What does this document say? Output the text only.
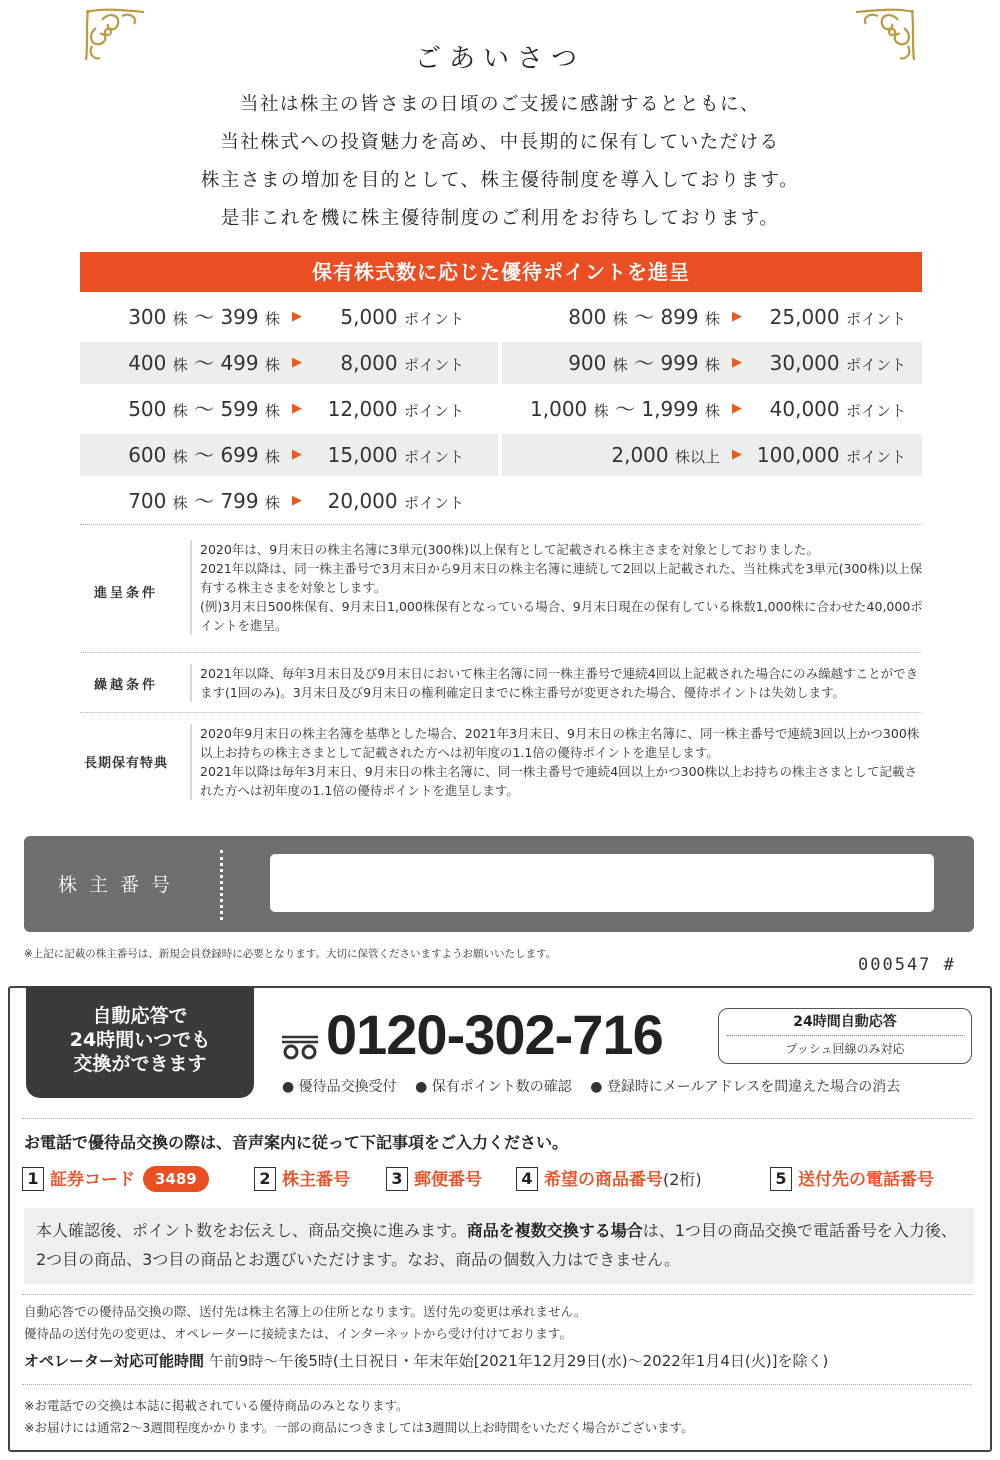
ごあいさつ
当社は株主の皆さまの日頃のご支援に感謝するとともに、
当社株式への投資魅力を高め、中長期的に保有していただける
株主さまの増加を目的として、株主優待制度を導入しております。
是非これを機に株主優待制度のご利用をお待ちしております。
保有株式数に応じた優待ポイントを進呈
300 株 〜 399 株 ▶	5,000 ポイント	800 株 〜 899 株 ▶	25,000 ポイント
400 株 〜 499 株 ▶	8,000 ポイント	900 株 〜 999 株 ▶	30,000 ポイント
500 株 〜 599 株 ▶	12,000 ポイント	1,000 株 〜 1,999 株 ▶	40,000 ポイント
600 株 〜 699 株 ▶	15,000 ポイント	2,000 株以上 ▶ 100,000 ポイント
700 株 〜 799 株 ▶	20,000 ポイント
進呈条件

2020年は、9月末日の株主名簿に3単元(300株)以上保有として記載される株主さまを対象としておりました。

2021年以降は、同一株主番号で3月末日から9月末日の株主名簿に連続して2回以上記載された、当社株式を3単元(300株)以上保有する株主さまを対象とします。

(例)3月末日500株保有、9月末日1,000株保有となっている場合、9月末日現在の保有している株数1,000株に合わせた40,000ポイントを進呈。

繰越条件
2021年以降、毎年3月末日及び9月末日において株主名簿に同一株主番号で連続4回以上記載された場合にのみ繰越すことができます(1回のみ)。3月末日及び9月末日の権利確定日までに株主番号が変更された場合、優待ポイントは失効します。
長期保有特典

2020年9月末日の株主名簿を基準とした場合、2021年3月末日、9月末日の株主名簿に、同一株主番号で連続3回以上かつ300株以上お持ちの株主さまとして記載された方へは初年度の1.1倍の優待ポイントを進呈します。

2021年以降は毎年3月末日、9月末日の株主名簿に、同一株主番号で連続4回以上かつ300株以上お持ちの株主さまとして記載された方へは初年度の1.1倍の優待ポイントを進呈します。

株主番号
※上記に記載の株主番号は、新規会員登録時に必要となります。大切に保管くださいますようお願いいたします。
000547 #
自動応答で
24時間いつでも
交換ができます	0120-302-716	24時間自動応答
プッシュ回線のみ対応
● 優待品交換受付 ● 保有ポイント数の確認 ● 登録時にメールアドレスを間違えた場合の消去
お電話で優待品交換の際は、音声案内に従って下記事項をご入力ください。
1 証券コード 3489	2 株主番号	3 郵便番号	4 希望の商品番号(2桁)	5 送付先の電話番号
本人確認後、ポイント数をお伝えし、商品交換に進みます。商品を複数交換する場合は、1つ目の商品交換で電話番号を入力後、2つ目の商品、3つ目の商品とお選びいただけます。なお、商品の個数入力はできません。
自動応答での優待品交換の際、送付先は株主名簿上の住所となります。送付先の変更は承れません。
優待品の送付先の変更は、オペレーターに接続または、インターネットから受け付けております。
オペレーター対応可能時間 午前9時〜午後5時(土日祝日・年末年始[2021年12月29日(水)〜2022年1月4日(火)]を除く)
※お電話での交換は本誌に掲載されている優待商品のみとなります。
※お届けには通常2〜3週間程度かかります。一部の商品につきましては3週間以上お時間をいただく場合がございます。
